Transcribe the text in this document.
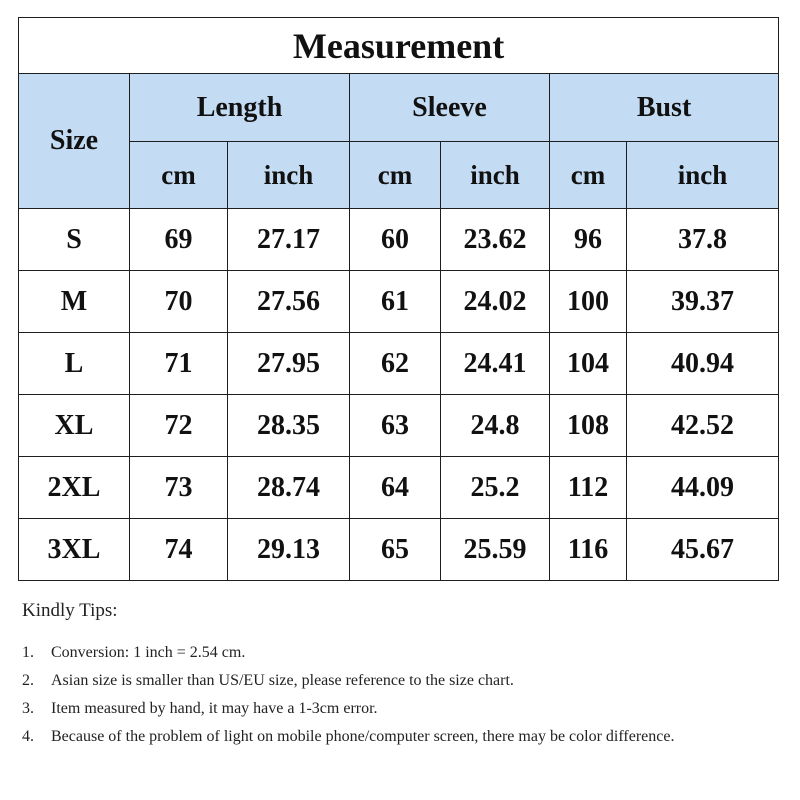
Measurement						
Size	Length		Sleeve		Bust	
	cm	inch	cm	inch	cm	inch
S	69	27.17	60	23.62	96	37.8
M	70	27.56	61	24.02	100	39.37
L	71	27.95	62	24.41	104	40.94
XL	72	28.35	63	24.8	108	42.52
2XL	73	28.74	64	25.2	112	44.09
3XL	74	29.13	65	25.59	116	45.67
Kindly Tips:
1.	Conversion: 1 inch = 2.54 cm.
2.	Asian size is smaller than US/EU size, please reference to the size chart.
3.	Item measured by hand, it may have a 1-3cm error.
4.	Because of the problem of light on mobile phone/computer screen, there may be color difference.
